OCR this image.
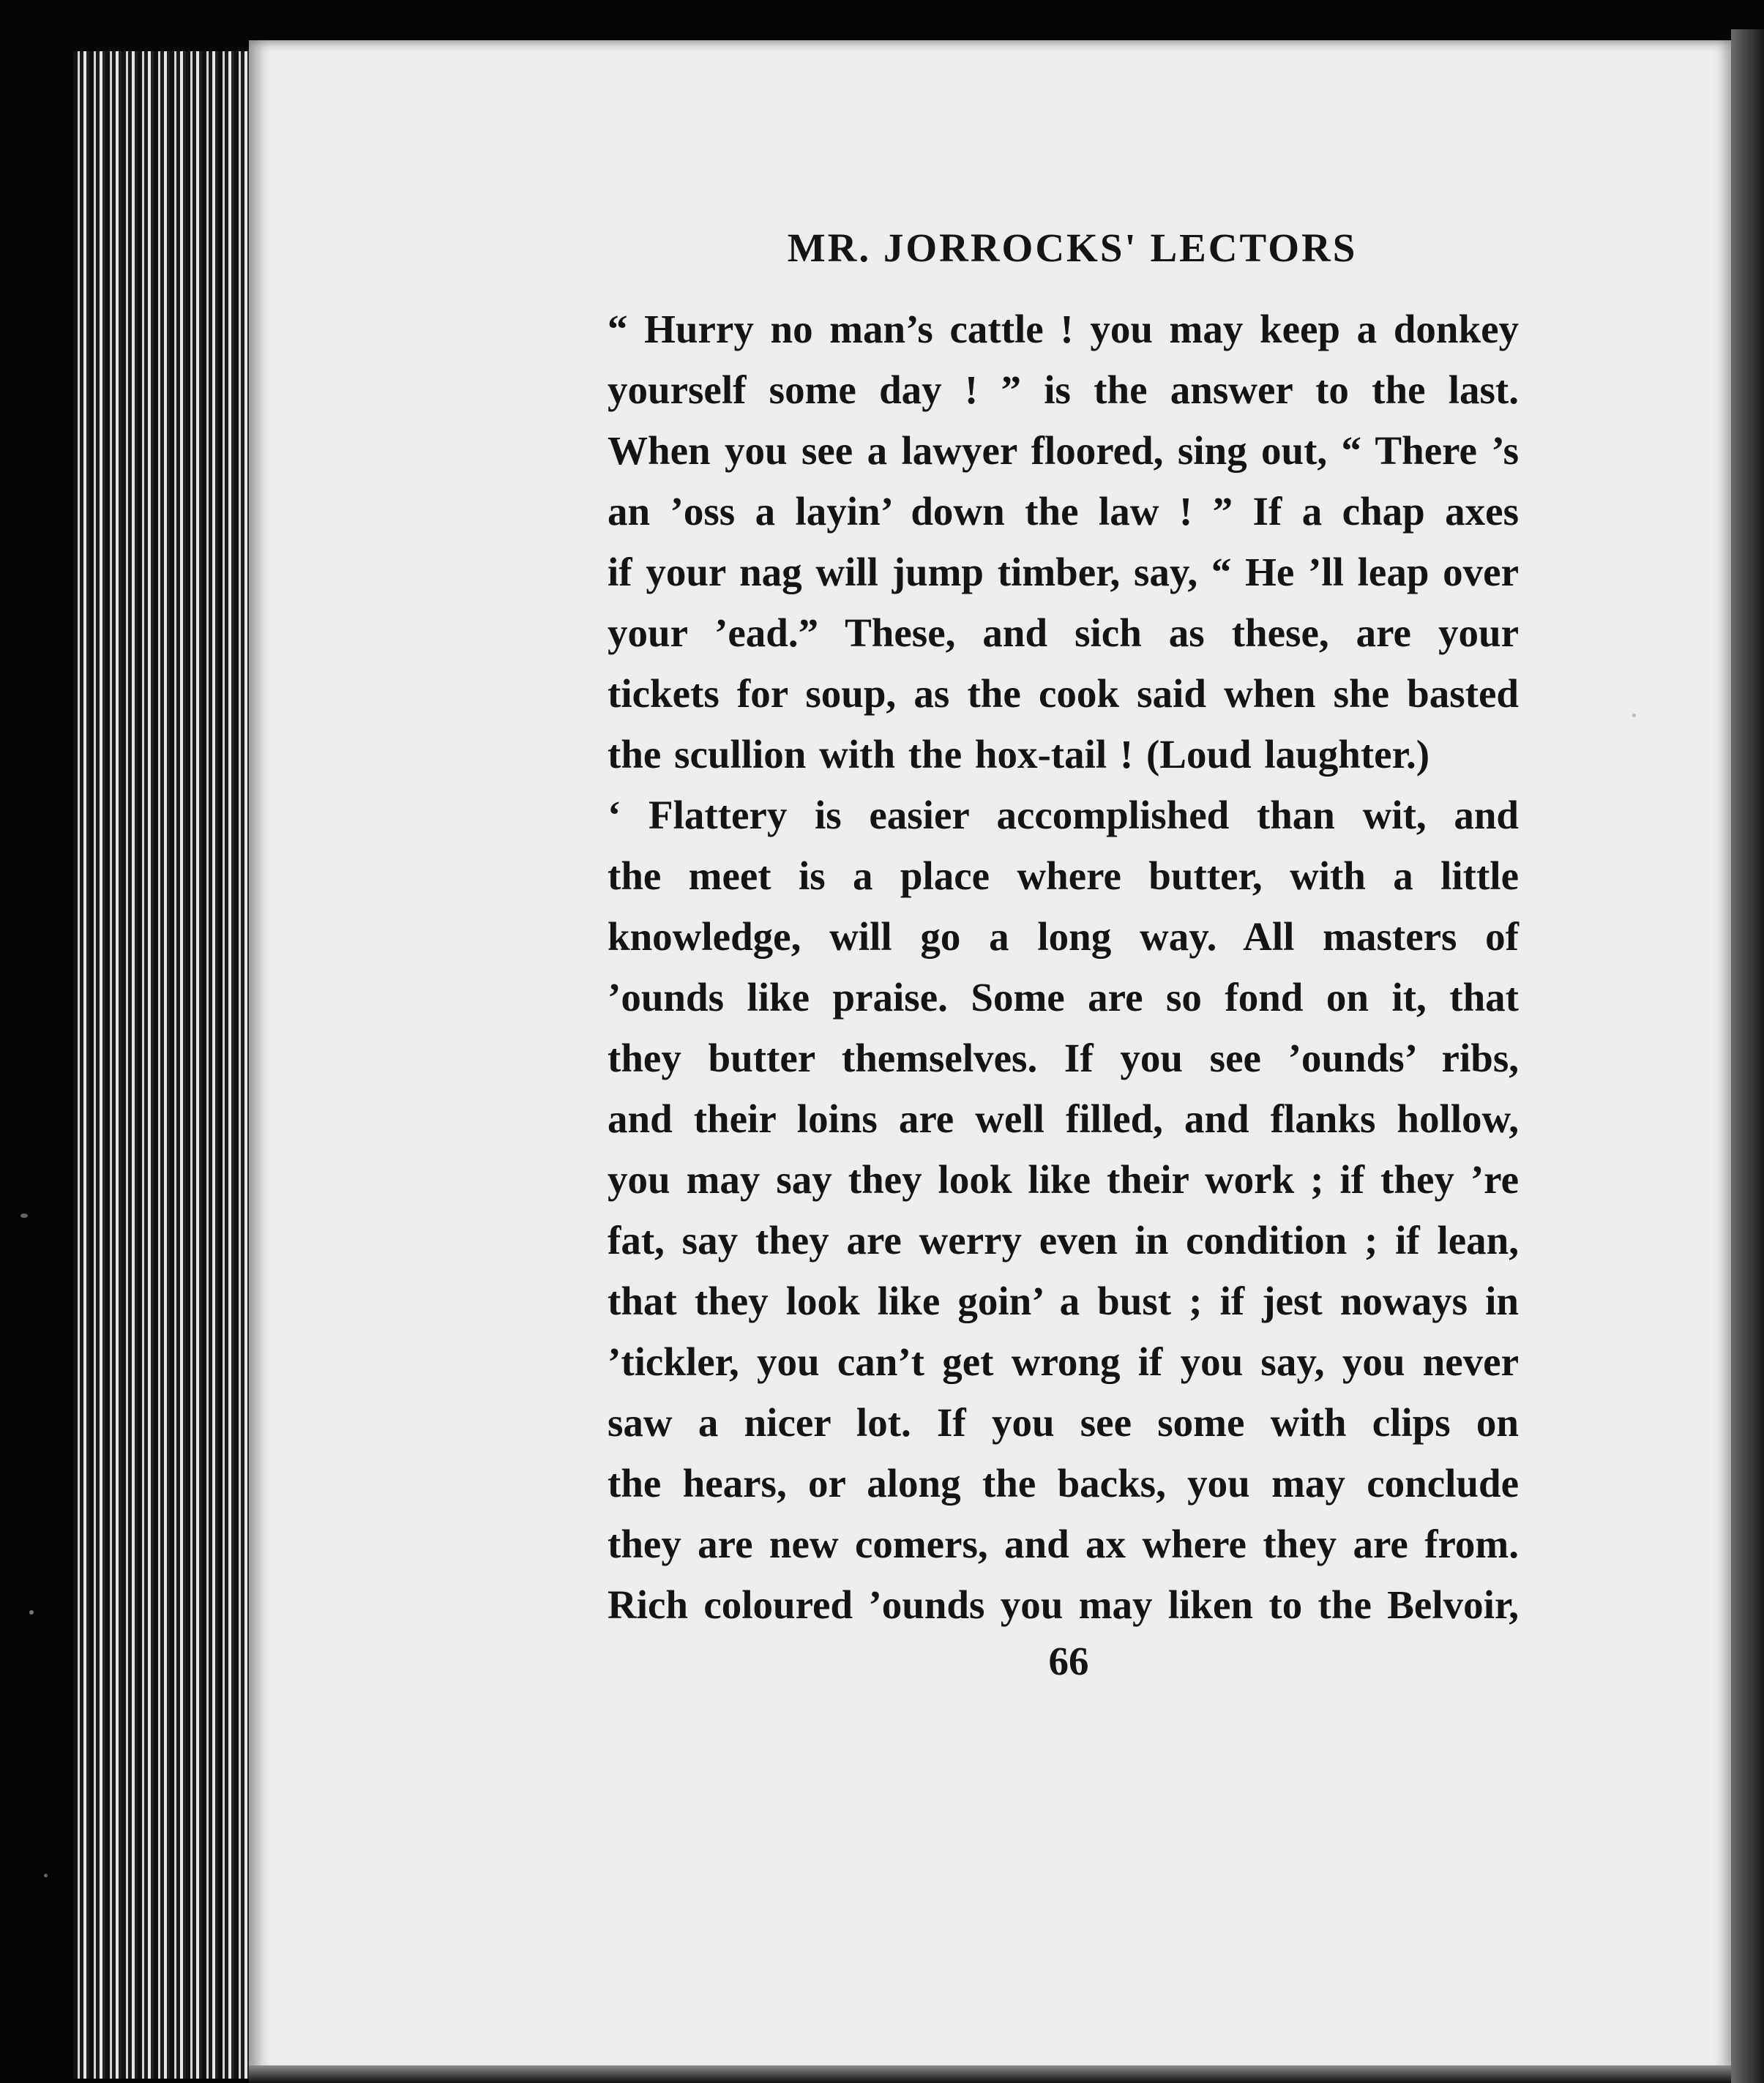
MR. JORROCKS' LECTORS
“ Hurry no man’s cattle ! you may keep a donkey
yourself some day ! ” is the answer to the last.
When you see a lawyer floored, sing out, “ There ’s
an ’oss a layin’ down the law ! ” If a chap axes
if your nag will jump timber, say, “ He ’ll leap over
your ’ead.” These, and sich as these, are your
tickets for soup, as the cook said when she basted
the scullion with the hox-tail ! (Loud laughter.)
‘ Flattery is easier accomplished than wit, and
the meet is a place where butter, with a little
knowledge, will go a long way. All masters of
’ounds like praise. Some are so fond on it, that
they butter themselves. If you see ’ounds’ ribs,
and their loins are well filled, and flanks hollow,
you may say they look like their work ; if they ’re
fat, say they are werry even in condition ; if lean,
that they look like goin’ a bust ; if jest noways in
’tickler, you can’t get wrong if you say, you never
saw a nicer lot. If you see some with clips on
the hears, or along the backs, you may conclude
they are new comers, and ax where they are from.
Rich coloured ’ounds you may liken to the Belvoir,
66
